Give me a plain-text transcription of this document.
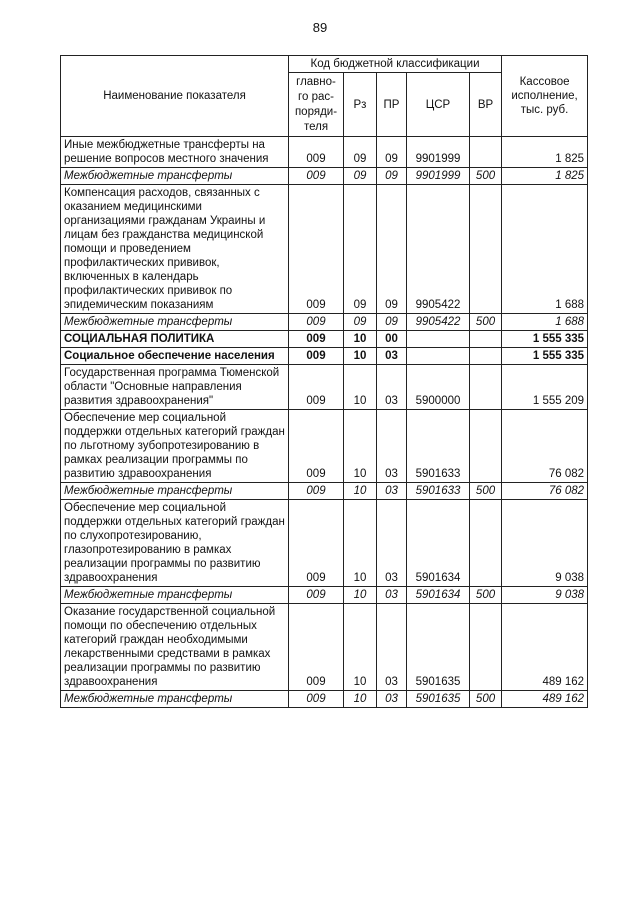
89
Наименование показателя	Код бюджетной классификации					Кассовое исполнение, тыс. руб.
	главно-го рас-поряди-теля	Рз	ПР	ЦСР	ВР	
Иные межбюджетные трансферты на решение вопросов местного значения	009	09	09	9901999		1 825
Межбюджетные трансферты	009	09	09	9901999	500	1 825
Компенсация расходов, связанных с оказанием медицинскими организациями гражданам Украины и лицам без гражданства медицинской помощи и проведением профилактических прививок, включенных в календарь профилактических прививок по эпидемическим показаниям	009	09	09	9905422		1 688
Межбюджетные трансферты	009	09	09	9905422	500	1 688
СОЦИАЛЬНАЯ ПОЛИТИКА	009	10	00			1 555 335
Социальное обеспечение населения	009	10	03			1 555 335
Государственная программа Тюменской области "Основные направления развития здравоохранения"	009	10	03	5900000		1 555 209
Обеспечение мер социальной поддержки отдельных категорий граждан по льготному зубопротезированию в рамках реализации программы по развитию здравоохранения	009	10	03	5901633		76 082
Межбюджетные трансферты	009	10	03	5901633	500	76 082
Обеспечение мер социальной поддержки отдельных категорий граждан по слухопротезированию, глазопротезированию в рамках реализации программы по развитию здравоохранения	009	10	03	5901634		9 038
Межбюджетные трансферты	009	10	03	5901634	500	9 038
Оказание государственной социальной помощи по обеспечению отдельных категорий граждан необходимыми лекарственными средствами в рамках реализации программы по развитию здравоохранения	009	10	03	5901635		489 162
Межбюджетные трансферты	009	10	03	5901635	500	489 162
